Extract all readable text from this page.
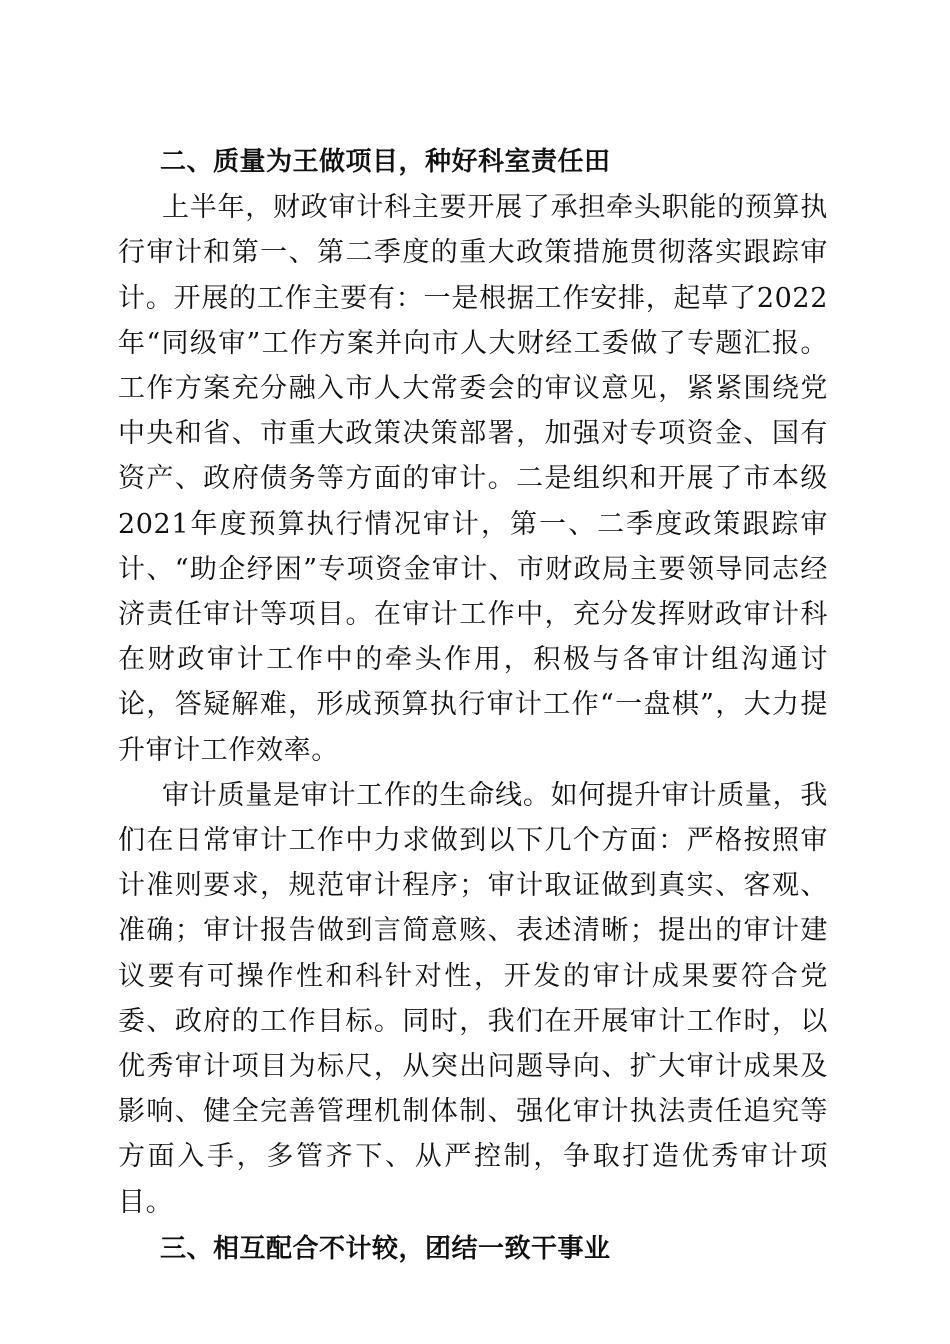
二、质量为王做项目，种好科室责任田

上半年，财政审计科主要开展了承担牵头职能的预算执行审计和第一、第二季度的重大政策措施贯彻落实跟踪审计。开展的工作主要有：一是根据工作安排，起草了2022年“同级审”工作方案并向市人大财经工委做了专题汇报。工作方案充分融入市人大常委会的审议意见，紧紧围绕党中央和省、市重大政策决策部署，加强对专项资金、国有资产、政府债务等方面的审计。二是组织和开展了市本级2021年度预算执行情况审计，第一、二季度政策跟踪审计、“助企纾困”专项资金审计、市财政局主要领导同志经济责任审计等项目。在审计工作中，充分发挥财政审计科在财政审计工作中的牵头作用，积极与各审计组沟通讨论，答疑解难，形成预算执行审计工作“一盘棋”，大力提升审计工作效率。

审计质量是审计工作的生命线。如何提升审计质量，我们在日常审计工作中力求做到以下几个方面：严格按照审计准则要求，规范审计程序；审计取证做到真实、客观、准确；审计报告做到言简意赅、表述清晰；提出的审计建议要有可操作性和科针对性，开发的审计成果要符合党委、政府的工作目标。同时，我们在开展审计工作时，以优秀审计项目为标尺，从突出问题导向、扩大审计成果及影响、健全完善管理机制体制、强化审计执法责任追究等方面入手，多管齐下、从严控制，争取打造优秀审计项目。

三、相互配合不计较，团结一致干事业
